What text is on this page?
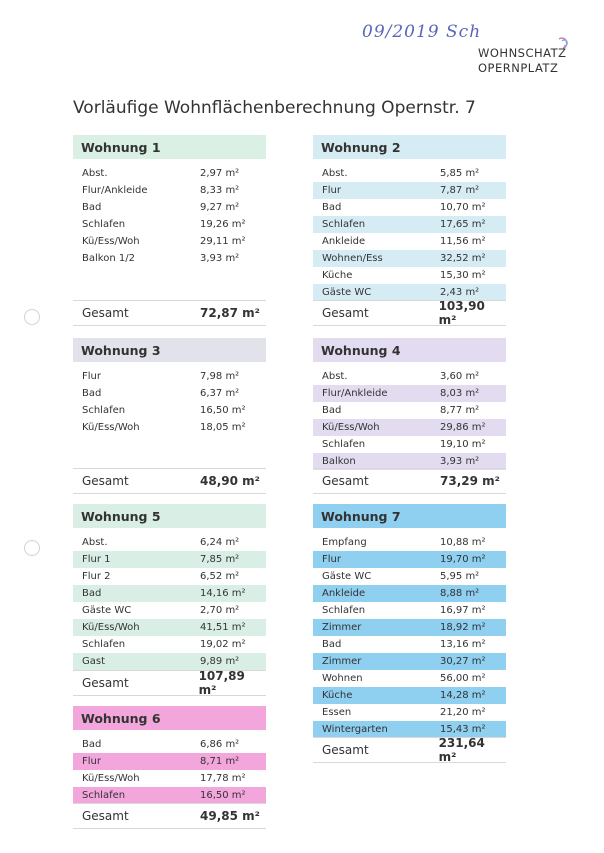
09/2019 Sch
WOHNSCHATZ
OPERNPLATZ
Vorläufige Wohnflächenberechnung Opernstr. 7
Wohnung 1
Abst.	2,97 m²
Flur/Ankleide	8,33 m²
Bad	9,27 m²
Schlafen	19,26 m²
Kü/Ess/Woh	29,11 m²
Balkon 1/2	3,93 m²
Gesamt	72,87 m²
Wohnung 2
Abst.	5,85 m²
Flur	7,87 m²
Bad	10,70 m²
Schlafen	17,65 m²
Ankleide	11,56 m²
Wohnen/Ess	32,52 m²
Küche	15,30 m²
Gäste WC	2,43 m²
Gesamt	103,90 m²
Wohnung 3
Flur	7,98 m²
Bad	6,37 m²
Schlafen	16,50 m²
Kü/Ess/Woh	18,05 m²
Gesamt	48,90 m²
Wohnung 4
Abst.	3,60 m²
Flur/Ankleide	8,03 m²
Bad	8,77 m²
Kü/Ess/Woh	29,86 m²
Schlafen	19,10 m²
Balkon	3,93 m²
Gesamt	73,29 m²
Wohnung 5
Abst.	6,24 m²
Flur 1	7,85 m²
Flur 2	6,52 m²
Bad	14,16 m²
Gäste WC	2,70 m²
Kü/Ess/Woh	41,51 m²
Schlafen	19,02 m²
Gast	9,89 m²
Gesamt	107,89 m²
Wohnung 6
Bad	6,86 m²
Flur	8,71 m²
Kü/Ess/Woh	17,78 m²
Schlafen	16,50 m²
Gesamt	49,85 m²
Wohnung 7
Empfang	10,88 m²
Flur	19,70 m²
Gäste WC	5,95 m²
Ankleide	8,88 m²
Schlafen	16,97 m²
Zimmer	18,92 m²
Bad	13,16 m²
Zimmer	30,27 m²
Wohnen	56,00 m²
Küche	14,28 m²
Essen	21,20 m²
Wintergarten	15,43 m²
Gesamt	231,64 m²
